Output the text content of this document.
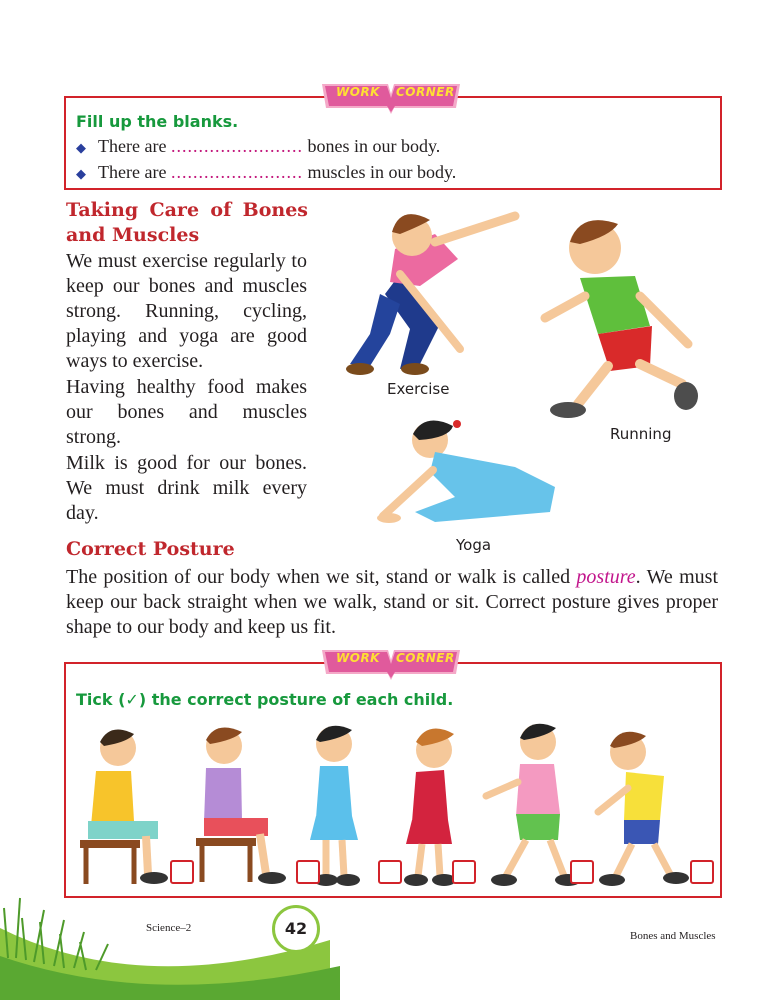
WORK CORNER
Fill up the blanks.
◆ There are ........................ bones in our body.
◆ There are ........................ muscles in our body.
Taking Care of Bones
and Muscles
We must exercise regularly to keep our bones and muscles strong. Running, cycling, playing and yoga are good ways to exercise.
Having healthy food makes our bones and muscles strong.
Milk is good for our bones. We must drink milk every day.
Exercise
Running
Yoga
Correct Posture
The position of our body when we sit, stand or walk is called posture. We must keep our back straight when we walk, stand or sit. Correct posture gives proper shape to our body and keep us fit.
WORK CORNER
Tick (✓) the correct posture of each child.
Science–2	42	Bones and Muscles
